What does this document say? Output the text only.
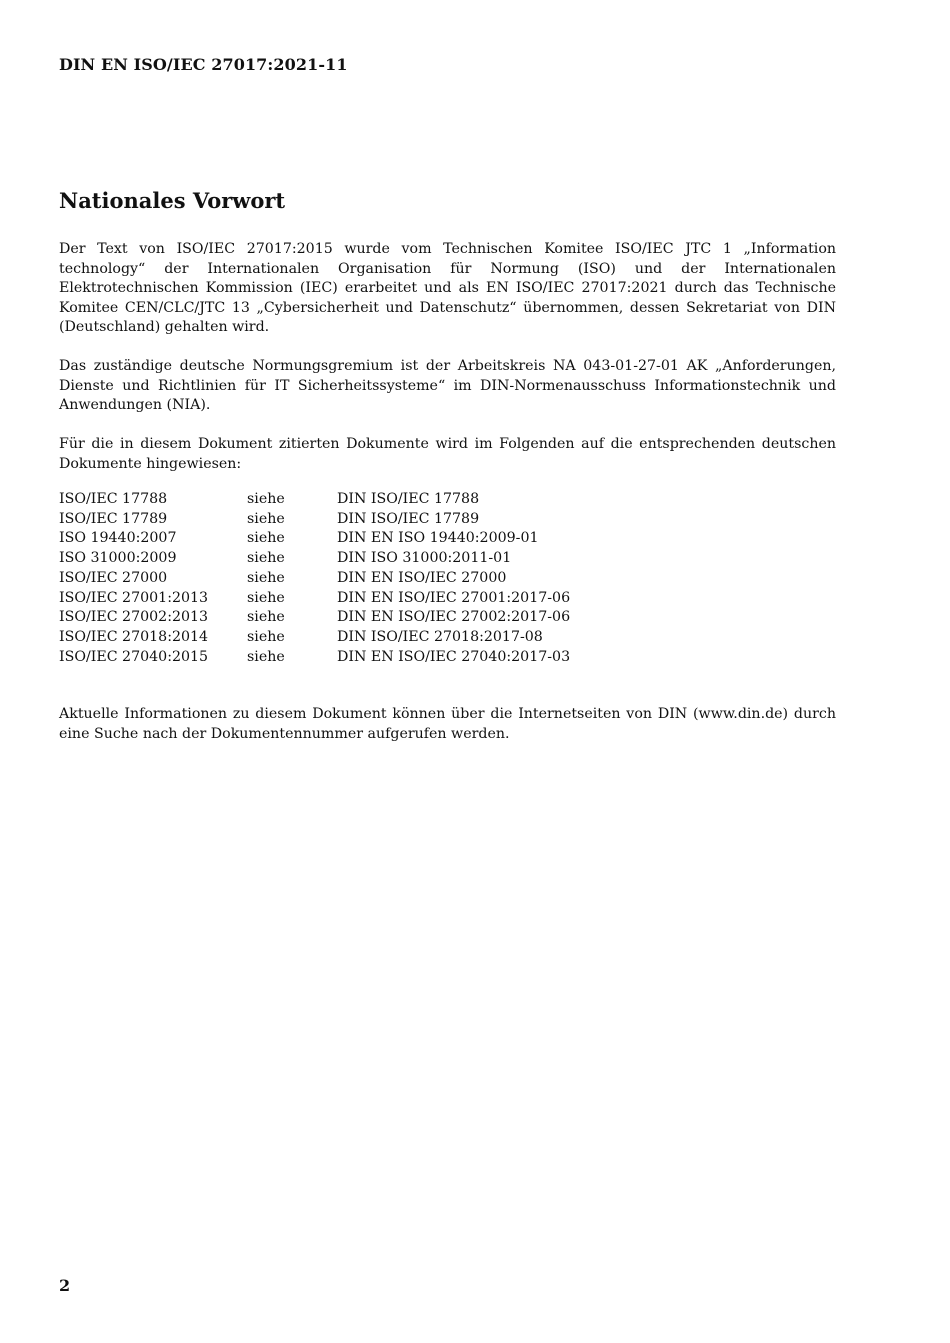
DIN EN ISO/IEC 27017:2021-11
Nationales Vorwort

Der Text von ISO/IEC 27017:2015 wurde vom Technischen Komitee ISO/IEC JTC 1 „Information technology“ der Internationalen Organisation für Normung (ISO) und der Internationalen Elektrotechnischen Kommission (IEC) erarbeitet und als EN ISO/IEC 27017:2021 durch das Technische Komitee CEN/CLC/JTC 13 „Cybersicherheit und Datenschutz“ übernommen, dessen Sekretariat von DIN (Deutschland) gehalten wird.

Das zuständige deutsche Normungsgremium ist der Arbeitskreis NA 043-01-27-01 AK „Anforderungen, Dienste und Richtlinien für IT Sicherheitssysteme“ im DIN-Normenausschuss Informationstechnik und Anwendungen (NIA).

Für die in diesem Dokument zitierten Dokumente wird im Folgenden auf die entsprechenden deutschen Dokumente hingewiesen:

ISO/IEC 17788	siehe	DIN ISO/IEC 17788
ISO/IEC 17789	siehe	DIN ISO/IEC 17789
ISO 19440:2007	siehe	DIN EN ISO 19440:2009-01
ISO 31000:2009	siehe	DIN ISO 31000:2011-01
ISO/IEC 27000	siehe	DIN EN ISO/IEC 27000
ISO/IEC 27001:2013	siehe	DIN EN ISO/IEC 27001:2017-06
ISO/IEC 27002:2013	siehe	DIN EN ISO/IEC 27002:2017-06
ISO/IEC 27018:2014	siehe	DIN ISO/IEC 27018:2017-08
ISO/IEC 27040:2015	siehe	DIN EN ISO/IEC 27040:2017-03

Aktuelle Informationen zu diesem Dokument können über die Internetseiten von DIN (www.din.de) durch eine Suche nach der Dokumentennummer aufgerufen werden.

2
